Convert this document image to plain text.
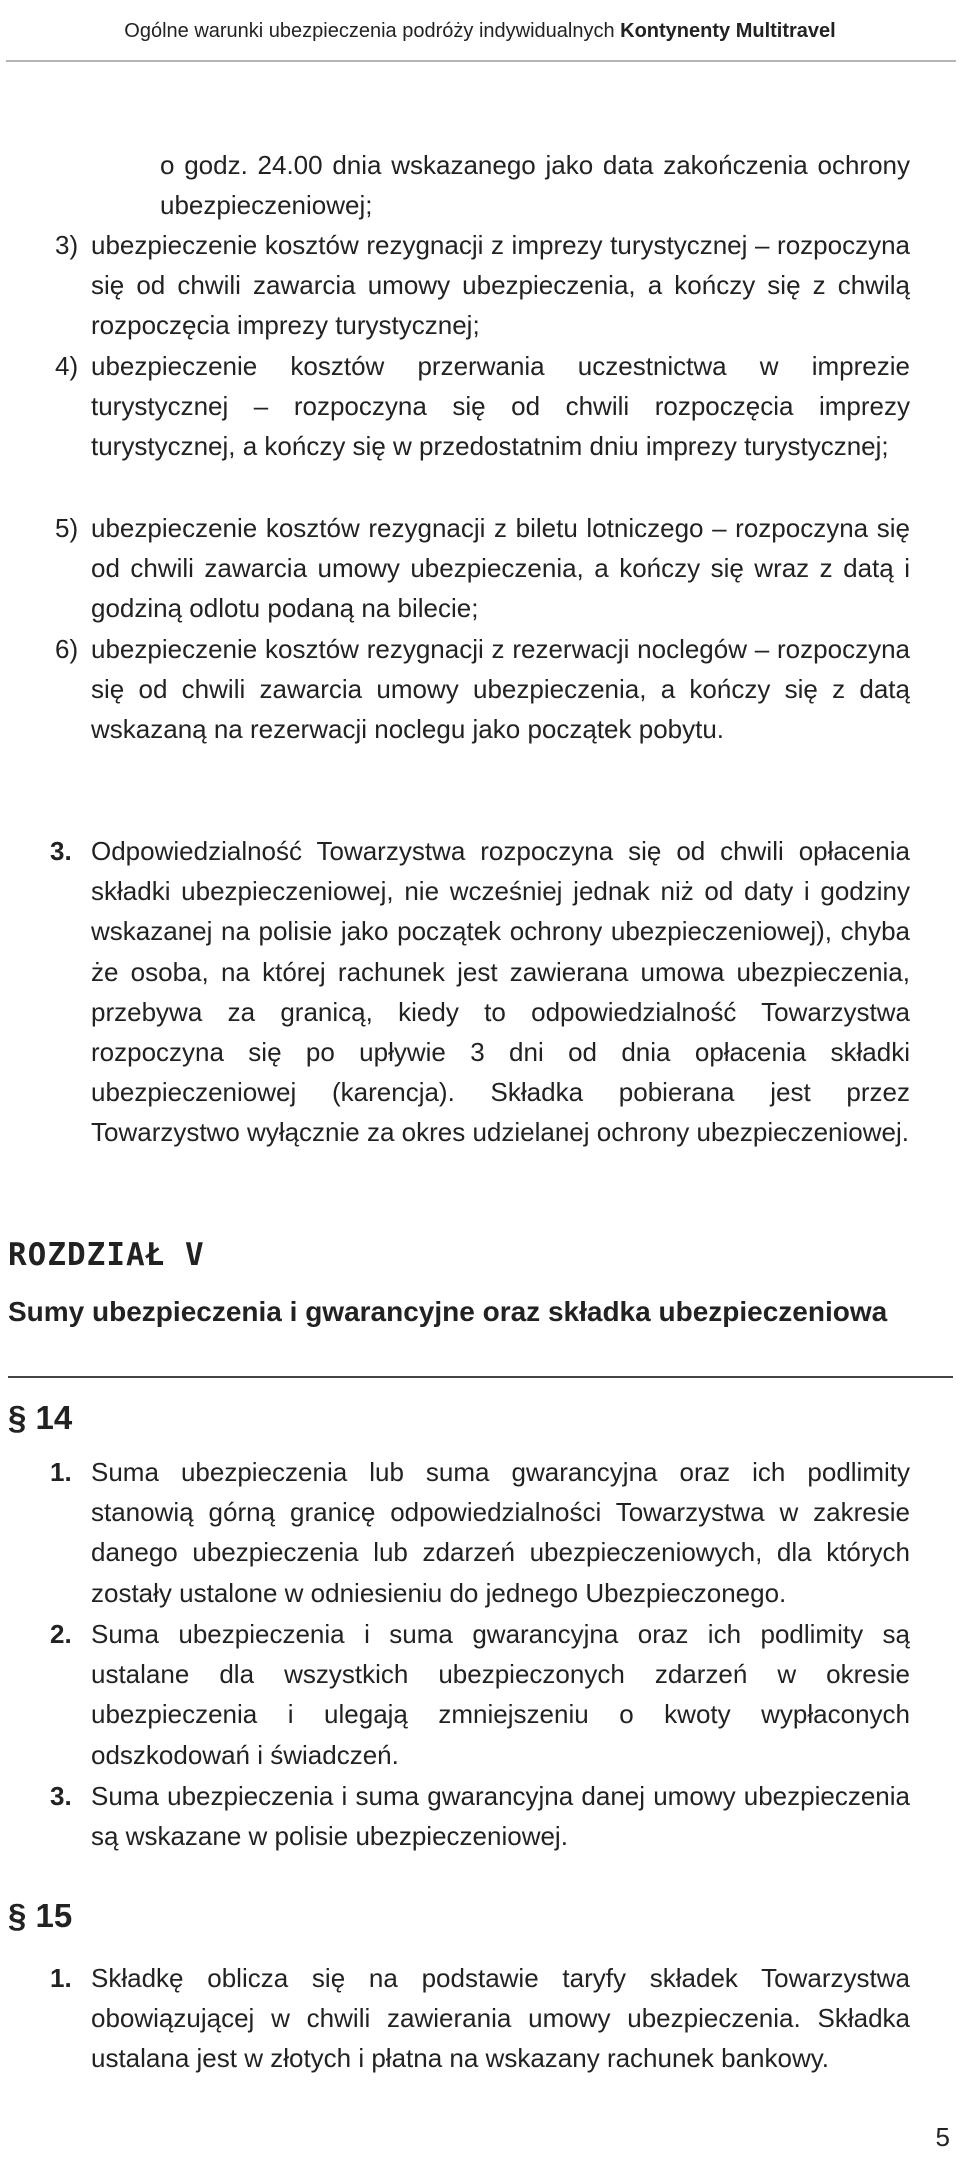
Ogólne warunki ubezpieczenia podróży indywidualnych Kontynenty Multitravel

o godz. 24.00 dnia wskazanego jako data zakończenia ochrony ubezpieczeniowej;

3) ubezpieczenie kosztów rezygnacji z imprezy turystycznej – rozpoczyna się od chwili zawarcia umowy ubezpieczenia, a kończy się z chwilą rozpoczęcia imprezy turystycznej;

4) ubezpieczenie kosztów przerwania uczestnictwa w imprezie turystycznej – rozpoczyna się od chwili rozpoczęcia imprezy turystycznej, a kończy się w przedostatnim dniu imprezy turystycznej;

5) ubezpieczenie kosztów rezygnacji z biletu lotniczego – rozpoczyna się od chwili zawarcia umowy ubezpieczenia, a kończy się wraz z datą i godziną odlotu podaną na bilecie;

6) ubezpieczenie kosztów rezygnacji z rezerwacji noclegów – rozpoczyna się od chwili zawarcia umowy ubezpieczenia, a kończy się z datą wskazaną na rezerwacji noclegu jako początek pobytu.

3. Odpowiedzialność Towarzystwa rozpoczyna się od chwili opłacenia składki ubezpieczeniowej, nie wcześniej jednak niż od daty i godziny wskazanej na polisie jako początek ochrony ubezpieczeniowej), chyba że osoba, na której rachunek jest zawierana umowa ubezpieczenia, przebywa za granicą, kiedy to odpowiedzialność Towarzystwa rozpoczyna się po upływie 3 dni od dnia opłacenia składki ubezpieczeniowej (karencja). Składka pobierana jest przez Towarzystwo wyłącznie za okres udzielanej ochrony ubezpieczeniowej.

ROZDZIAŁ V
Sumy ubezpieczenia i gwarancyjne oraz składka ubezpieczeniowa
§ 14
1. Suma ubezpieczenia lub suma gwarancyjna oraz ich podlimity stanowią górną granicę odpowiedzialności Towarzystwa w zakresie danego ubezpieczenia lub zdarzeń ubezpieczeniowych, dla których zostały ustalone w odniesieniu do jednego Ubezpieczonego.

2. Suma ubezpieczenia i suma gwarancyjna oraz ich podlimity są ustalane dla wszystkich ubezpieczonych zdarzeń w okresie ubezpieczenia i ulegają zmniejszeniu o kwoty wypłaconych odszkodowań i świadczeń.

3. Suma ubezpieczenia i suma gwarancyjna danej umowy ubezpieczenia są wskazane w polisie ubezpieczeniowej.

§ 15
1. Składkę oblicza się na podstawie taryfy składek Towarzystwa obowiązującej w chwili zawierania umowy ubezpieczenia. Składka ustalana jest w złotych i płatna na wskazany rachunek bankowy.

5
